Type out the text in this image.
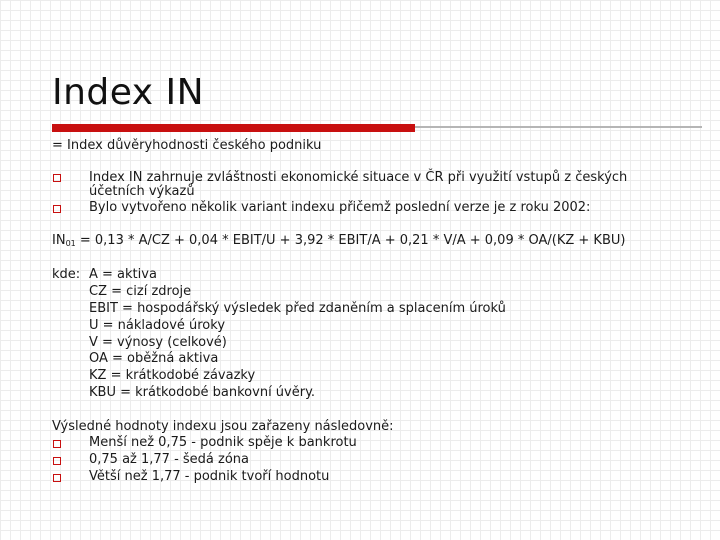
Index IN
= Index důvěryhodnosti českého podniku
Index IN zahrnuje zvláštnosti ekonomické situace v ČR při využití vstupů z českých
účetních výkazů
Bylo vytvořeno několik variant indexu přičemž poslední verze je z roku 2002:
$IN_{01} = 0,13 * A/CZ + 0,04$ * EBIT/U + 3,92 * EBIT/A + 0,21 * V/A + 0,09 * OA/(KZ + KBU)
kde: A = aktiva
CZ = cizí zdroje
EBIT = hospodářský výsledek před zdaněním a splacením úroků
U = nákladové úroky
V = výnosy (celkové)
OA = oběžná aktiva
KZ = krátkodobé závazky
KBU = krátkodobé bankovní úvěry.
Výsledné hodnoty indexu jsou zařazeny následovně:
Menší než 0,75 - podnik spěje k bankrotu
0,75 až 1,77 - šedá zóna
Větší než 1,77 - podnik tvoří hodnotu
